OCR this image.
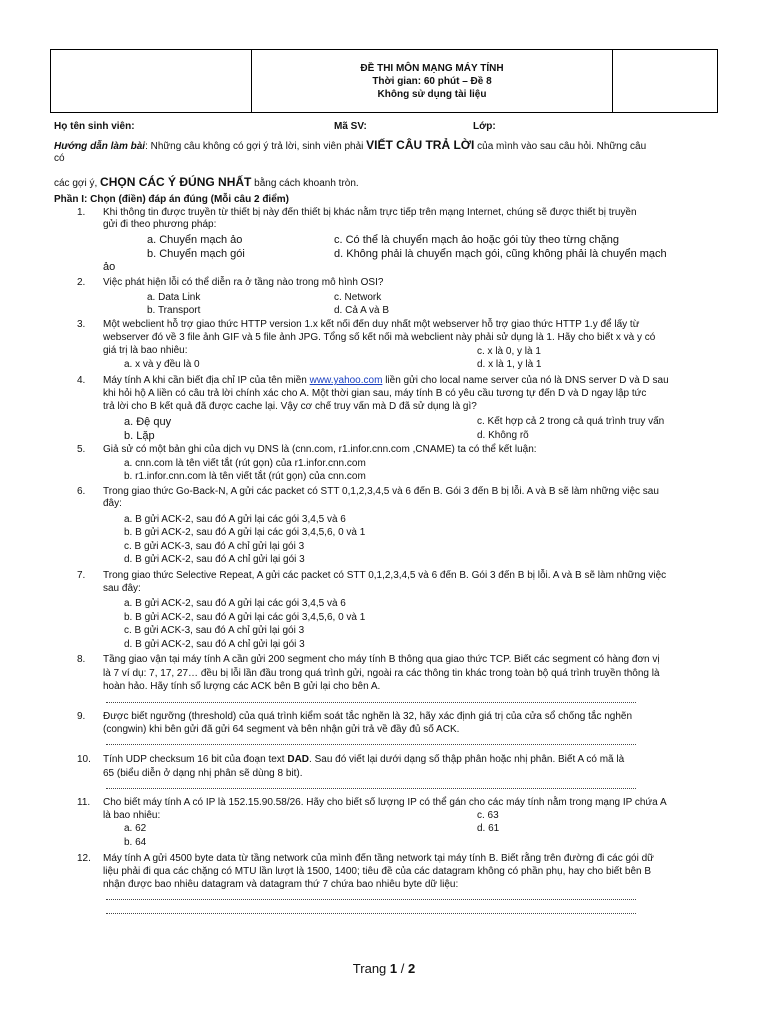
ĐỀ THI MÔN MẠNG MÁY TÍNH
Thời gian: 60 phút – Đề 8
Không sử dụng tài liệu
Họ tên sinh viên:	Mã SV:	Lớp:
Hướng dẫn làm bài: Những câu không có gợi ý trả lời, sinh viên phải VIẾT CÂU TRẢ LỜI của mình vào sau câu hỏi. Những câu
có
các gợi ý, CHỌN CÁC Ý ĐÚNG NHẤT bằng cách khoanh tròn.
Phần I: Chọn (điền) đáp án đúng (Mỗi câu 2 điểm)
1. Khi thông tin được truyền từ thiết bị này đến thiết bị khác nằm trực tiếp trên mạng Internet, chúng sẽ được thiết bị truyền
gửi đi theo phương pháp:
a. Chuyển mạch ảo	c. Có thể là chuyển mạch ảo hoặc gói tùy theo từng chặng
b. Chuyển mạch gói	d. Không phải là chuyển mạch gói, cũng không phải là chuyển mạch
ảo
2. Việc phát hiện lỗi có thể diễn ra ở tầng nào trong mô hình OSI?
a. Data Link	c. Network
b. Transport	d. Cả A và B
3. Một webclient hỗ trợ giao thức HTTP version 1.x kết nối đến duy nhất một webserver hỗ trợ giao thức HTTP 1.y để lấy từ
webserver đó về 3 file ảnh GIF và 5 file ảnh JPG. Tổng số kết nối mà webclient này phải sử dụng là 1. Hãy cho biết x và y có
giá trị là bao nhiêu:	c. x là 0, y là 1
a. x và y đều là 0	d. x là 1, y là 1
4. Máy tính A khi cần biết địa chỉ IP của tên miền www.yahoo.com liền gửi cho local name server của nó là DNS server D và D sau
khi hỏi hộ A liền có câu trả lời chính xác cho A. Một thời gian sau, máy tính B có yêu cầu tương tự đến D và D ngay lập tức
trả lời cho B kết quả đã được cache lại. Vậy cơ chế truy vấn mà D đã sử dụng là gì?
a. Đệ quy	c. Kết hợp cả 2 trong cả quá trình truy vấn
b. Lặp	d. Không rõ
5. Giả sử có một bản ghi của dịch vụ DNS là (cnn.com, r1.infor.cnn.com ,CNAME) ta có thể kết luận:
a. cnn.com là tên viết tắt (rút gọn) của r1.infor.cnn.com
b. r1.infor.cnn.com là tên viết tắt (rút gọn) của cnn.com
6. Trong giao thức Go-Back-N, A gửi các packet có STT 0,1,2,3,4,5 và 6 đến B. Gói 3 đến B bị lỗi. A và B sẽ làm những việc sau
đây:
a. B gửi ACK-2, sau đó A gửi lại các gói 3,4,5 và 6
b. B gửi ACK-2, sau đó A gửi lại các gói 3,4,5,6, 0 và 1
c. B gửi ACK-3, sau đó A chỉ gửi lại gói 3
d. B gửi ACK-2, sau đó A chỉ gửi lại gói 3
7. Trong giao thức Selective Repeat, A gửi các packet có STT 0,1,2,3,4,5 và 6 đến B. Gói 3 đến B bị lỗi. A và B sẽ làm những việc
sau đây:
a. B gửi ACK-2, sau đó A gửi lại các gói 3,4,5 và 6
b. B gửi ACK-2, sau đó A gửi lại các gói 3,4,5,6, 0 và 1
c. B gửi ACK-3, sau đó A chỉ gửi lại gói 3
d. B gửi ACK-2, sau đó A chỉ gửi lại gói 3
8. Tầng giao vận tại máy tính A cần gửi 200 segment cho máy tính B thông qua giao thức TCP. Biết các segment có hàng đơn vị
là 7 ví dụ: 7, 17, 27… đều bị lỗi lần đầu trong quá trình gửi, ngoài ra các thông tin khác trong toàn bộ quá trình truyền thông là
hoàn hảo. Hãy tính số lượng các ACK bên B gửi lại cho bên A.
9. Được biết ngưỡng (threshold) của quá trình kiểm soát tắc nghẽn là 32, hãy xác định giá trị của cửa sổ chống tắc nghẽn
(congwin) khi bên gửi đã gửi 64 segment và bên nhận gửi trả về đầy đủ số ACK.
10. Tính UDP checksum 16 bit của đoạn text DAD. Sau đó viết lại dưới dạng số thập phân hoặc nhị phân. Biết A có mã là
65 (biểu diễn ở dạng nhị phân sẽ dùng 8 bit).
11. Cho biết máy tính A có IP là 152.15.90.58/26. Hãy cho biết số lượng IP có thể gán cho các máy tính nằm trong mạng IP chứa A
là bao nhiêu:	c. 63
a. 62	d. 61
b. 64
12. Máy tính A gửi 4500 byte data từ tầng network của mình đến tầng network tại máy tính B. Biết rằng trên đường đi các gói dữ
liệu phải đi qua các chặng có MTU lần lượt là 1500, 1400; tiêu đề của các datagram không có phần phụ, hay cho biết bên B
nhận được bao nhiêu datagram và datagram thứ 7 chứa bao nhiêu byte dữ liệu:
Trang 1 / 2
